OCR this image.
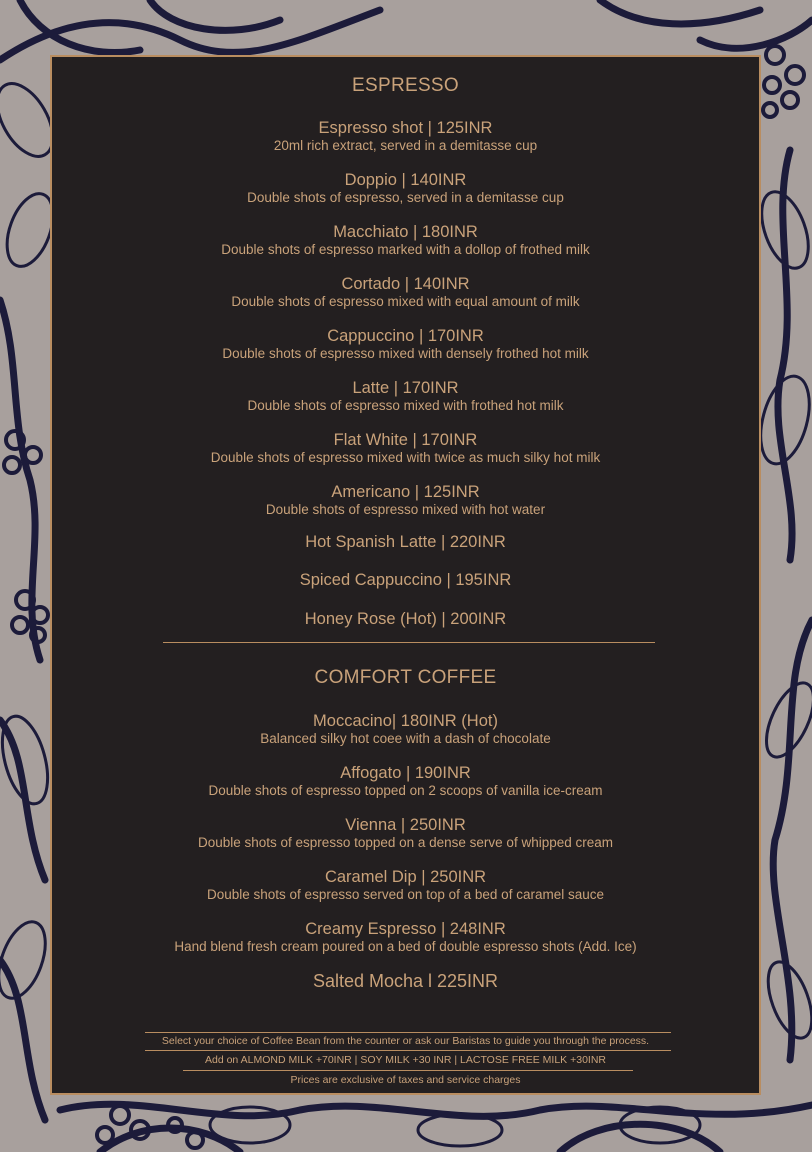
ESPRESSO
Espresso shot | 125INR
20ml rich extract, served in a demitasse cup
Doppio | 140INR
Double shots of espresso, served in a demitasse cup
Macchiato | 180INR
Double shots of espresso marked with a dollop of frothed milk
Cortado | 140INR
Double shots of espresso mixed with equal amount of milk
Cappuccino | 170INR
Double shots of espresso mixed with densely frothed hot milk
Latte | 170INR
Double shots of espresso mixed with frothed hot milk
Flat White | 170INR
Double shots of espresso mixed with twice as much silky hot milk
Americano | 125INR
Double shots of espresso mixed with hot water
Hot Spanish Latte | 220INR
Spiced Cappuccino | 195INR
Honey Rose (Hot) | 200INR
COMFORT COFFEE
Moccacino| 180INR (Hot)
Balanced silky hot coee with a dash of chocolate
Affogato | 190INR
Double shots of espresso topped on 2 scoops of vanilla ice-cream
Vienna | 250INR
Double shots of espresso topped on a dense serve of whipped cream
Caramel Dip | 250INR
Double shots of espresso served on top of a bed of caramel sauce
Creamy Espresso | 248INR
Hand blend fresh cream poured on a bed of double espresso shots (Add. Ice)
Salted Mocha l 225INR
Select your choice of Coffee Bean from the counter or ask our Baristas to guide you through the process.
Add on ALMOND MILK +70INR | SOY MILK +30 INR | LACTOSE FREE MILK +30INR
Prices are exclusive of taxes and service charges
